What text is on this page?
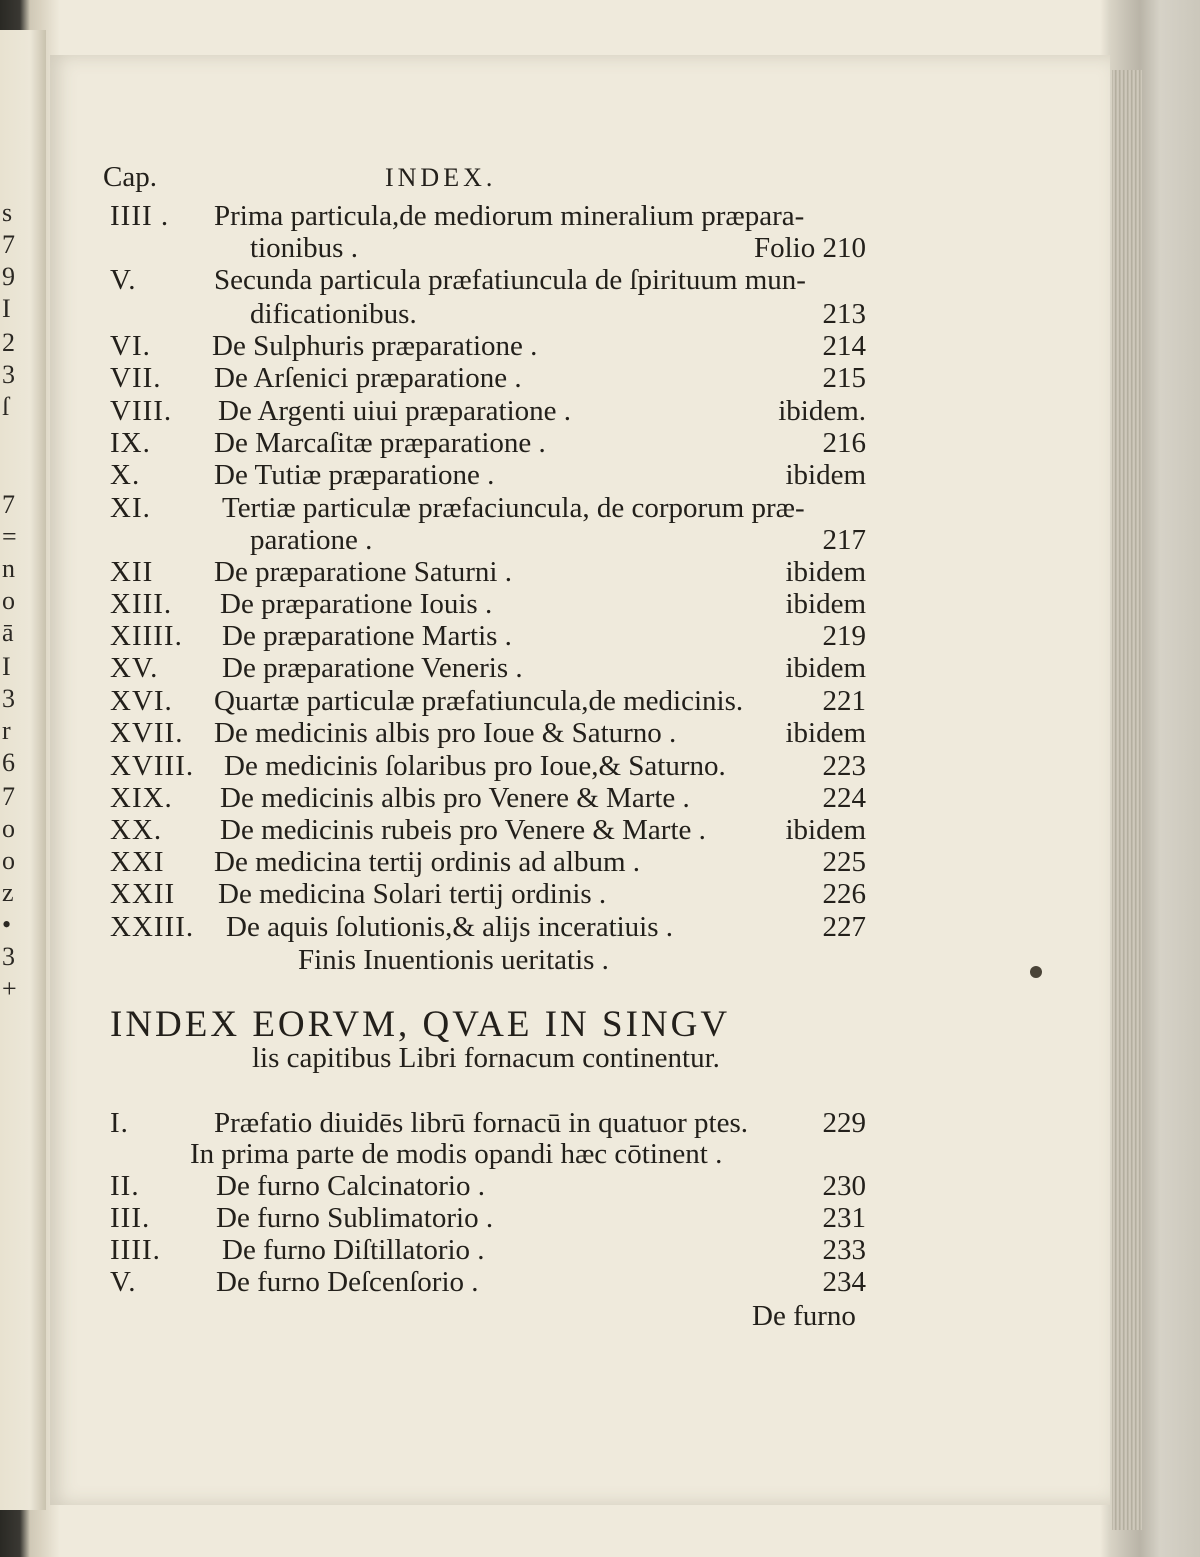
s
7
9
I
2
3
ſ
7
=
n
o
ā
I
3
r
6
7
o
o
z
•
3
+
Cap.	INDEX.
IIII . Prima particula,de mediorum mineralium præpara-
tionibus .	Folio 210
V.	Secunda particula præfatiuncula de ſpirituum mun-
dificationibus.	213
VI. De Sulphuris præparatione .	214
VII. De Arſenici præparatione .	215
VIII. De Argenti uiui præparatione .	ibidem.
IX. De Marcaſitæ præparatione .	216
X.	De Tutiæ præparatione .	ibidem
XI. Tertiæ particulæ præfaciuncula, de corporum præ-
paratione .	217
XII De præparatione Saturni .	ibidem
XIII. De præparatione Iouis .	ibidem
XIIII. De præparatione Martis .	219
XV. De præparatione Veneris .	ibidem
XVI. Quartæ particulæ præfatiuncula,de medicinis.	221
XVII. De medicinis albis pro Ioue & Saturno .	ibidem
XVIII. De medicinis ſolaribus pro Ioue,& Saturno.	223
XIX. De medicinis albis pro Venere & Marte .	224
XX. De medicinis rubeis pro Venere & Marte .	ibidem
XXI De medicina tertij ordinis ad album .	225
XXII De medicina Solari tertij ordinis .	226
XXIII. De aquis ſolutionis,& alijs inceratiuis .	227
Finis Inuentionis ueritatis .
INDEX EORVM, QVAE IN SINGV
lis capitibus Libri fornacum continentur.
I.	Præfatio diuidēs librū fornacū in quatuor ptes.	229
In prima parte de modis opandi hæc cōtinent .
II.	De furno Calcinatorio .	230
III. De furno Sublimatorio .	231
IIII. De furno Diſtillatorio .	233
V.	De furno Deſcenſorio .	234
De furno
